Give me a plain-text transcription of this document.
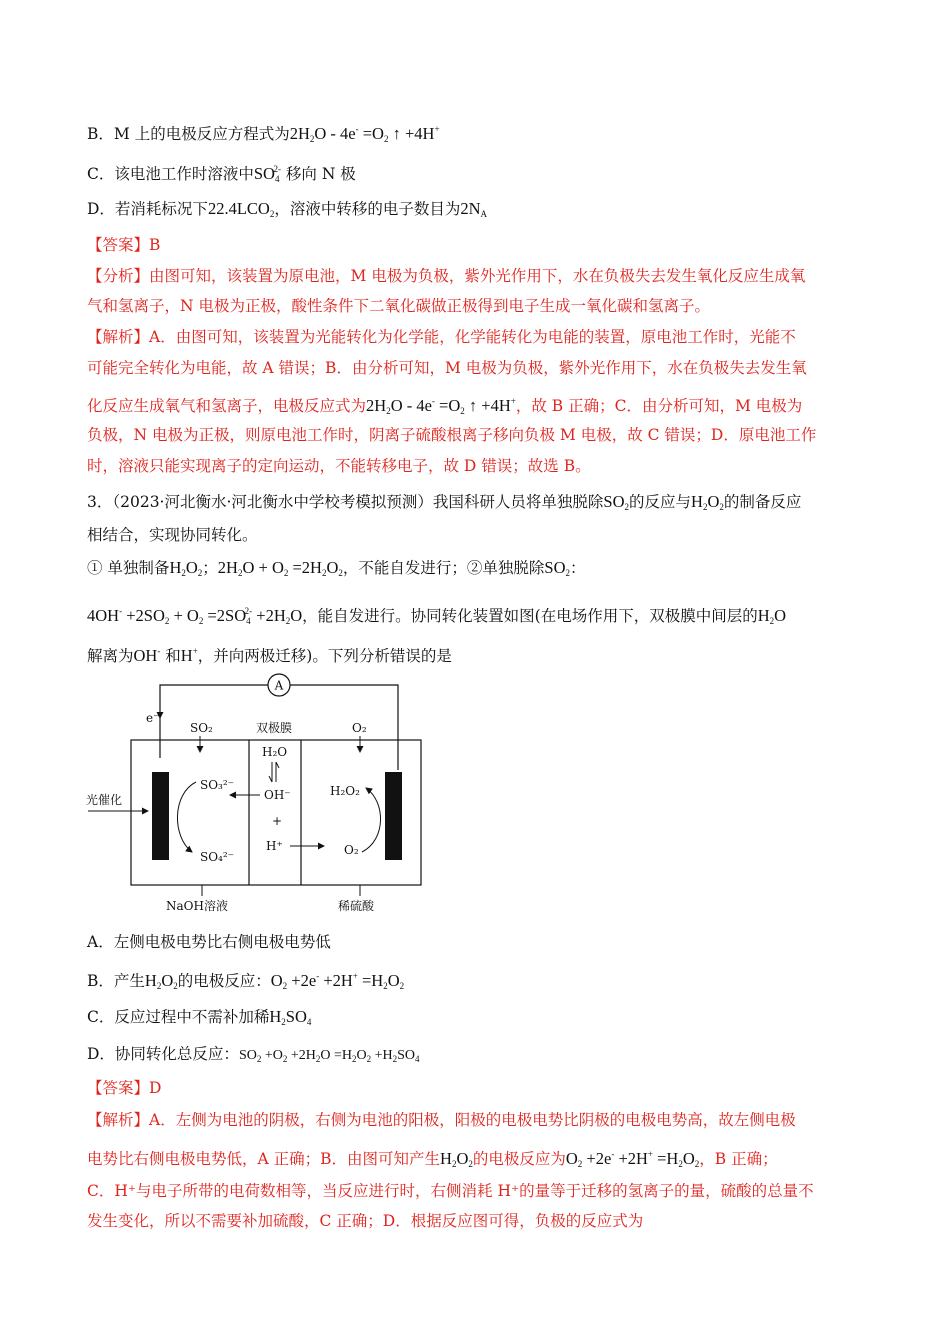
B．M 上的电极反应方程式为$2H_2O - 4e^- =O_2$ ↑ +4H+
C．该电池工作时溶液中$SO_4^{2-}$ 移向 N 极
D．若消耗标况下$22.4LCO_2$，溶液中转移的电子数目为$2N_A$
【答案】B
【分析】由图可知，该装置为原电池，M 电极为负极，紫外光作用下，水在负极失去发生氧化反应生成氧
气和氢离子，N 电极为正极，酸性条件下二氧化碳做正极得到电子生成一氧化碳和氢离子。
【解析】A．由图可知，该装置为光能转化为化学能，化学能转化为电能的装置，原电池工作时，光能不
可能完全转化为电能，故 A 错误；B．由分析可知，M 电极为负极，紫外光作用下，水在负极失去发生氧
化反应生成氧气和氢离子，电极反应式为$2H_2O - 4e^- =O_2$ ↑ +4H+，故 B 正确；C．由分析可知，M 电极为
负极，N 电极为正极，则原电池工作时，阴离子硫酸根离子移向负极 M 电极，故 C 错误；D．原电池工作
时，溶液只能实现离子的定向运动，不能转移电子，故 D 错误；故选 B。
3．（2023·河北衡水·河北衡水中学校考模拟预测）我国科研人员将单独脱除$SO_2$的反应与$H_2O_2$的制备反应
相结合，实现协同转化。
① 单独制备$H_2O_2$；$2H_2O + O_2 =2H_2O_2$，不能自发进行；②单独脱除$SO_2$：
$4OH^- +2SO_2 + O_2 =2SO_4^{2-} +2H_2O$，能自发进行。协同转化装置如图(在电场作用下，双极膜中间层的$H_2O$
解离为OH- 和H+，并向两极迁移)。下列分析错误的是
A
e⁻
SO₂	双极膜	O₂
光催化
H₂O
OH⁻
+
H⁺
SO₃²⁻
SO₄²⁻
H₂O₂
O₂
NaOH溶液	稀硫酸
A．左侧电极电势比右侧电极电势低
B．产生$H_2O_2$的电极反应：$O_2 +2e^- +2H^+ =H_2O_2$
C．反应过程中不需补加稀$H_2SO_4$
D．协同转化总反应：$SO_2 +O_2 +2H_2O =H_2O_2 +H_2SO_4$
【答案】D
【解析】A．左侧为电池的阴极，右侧为电池的阳极，阳极的电极电势比阴极的电极电势高，故左侧电极
电势比右侧电极电势低，A 正确；B．由图可知产生$H_2O_2$的电极反应为$O_2 +2e^- +2H^+ =H_2O_2$，B 正确；
C．H⁺与电子所带的电荷数相等，当反应进行时，右侧消耗 H⁺的量等于迁移的氢离子的量，硫酸的总量不
发生变化，所以不需要补加硫酸，C 正确；D．根据反应图可得，负极的反应式为
